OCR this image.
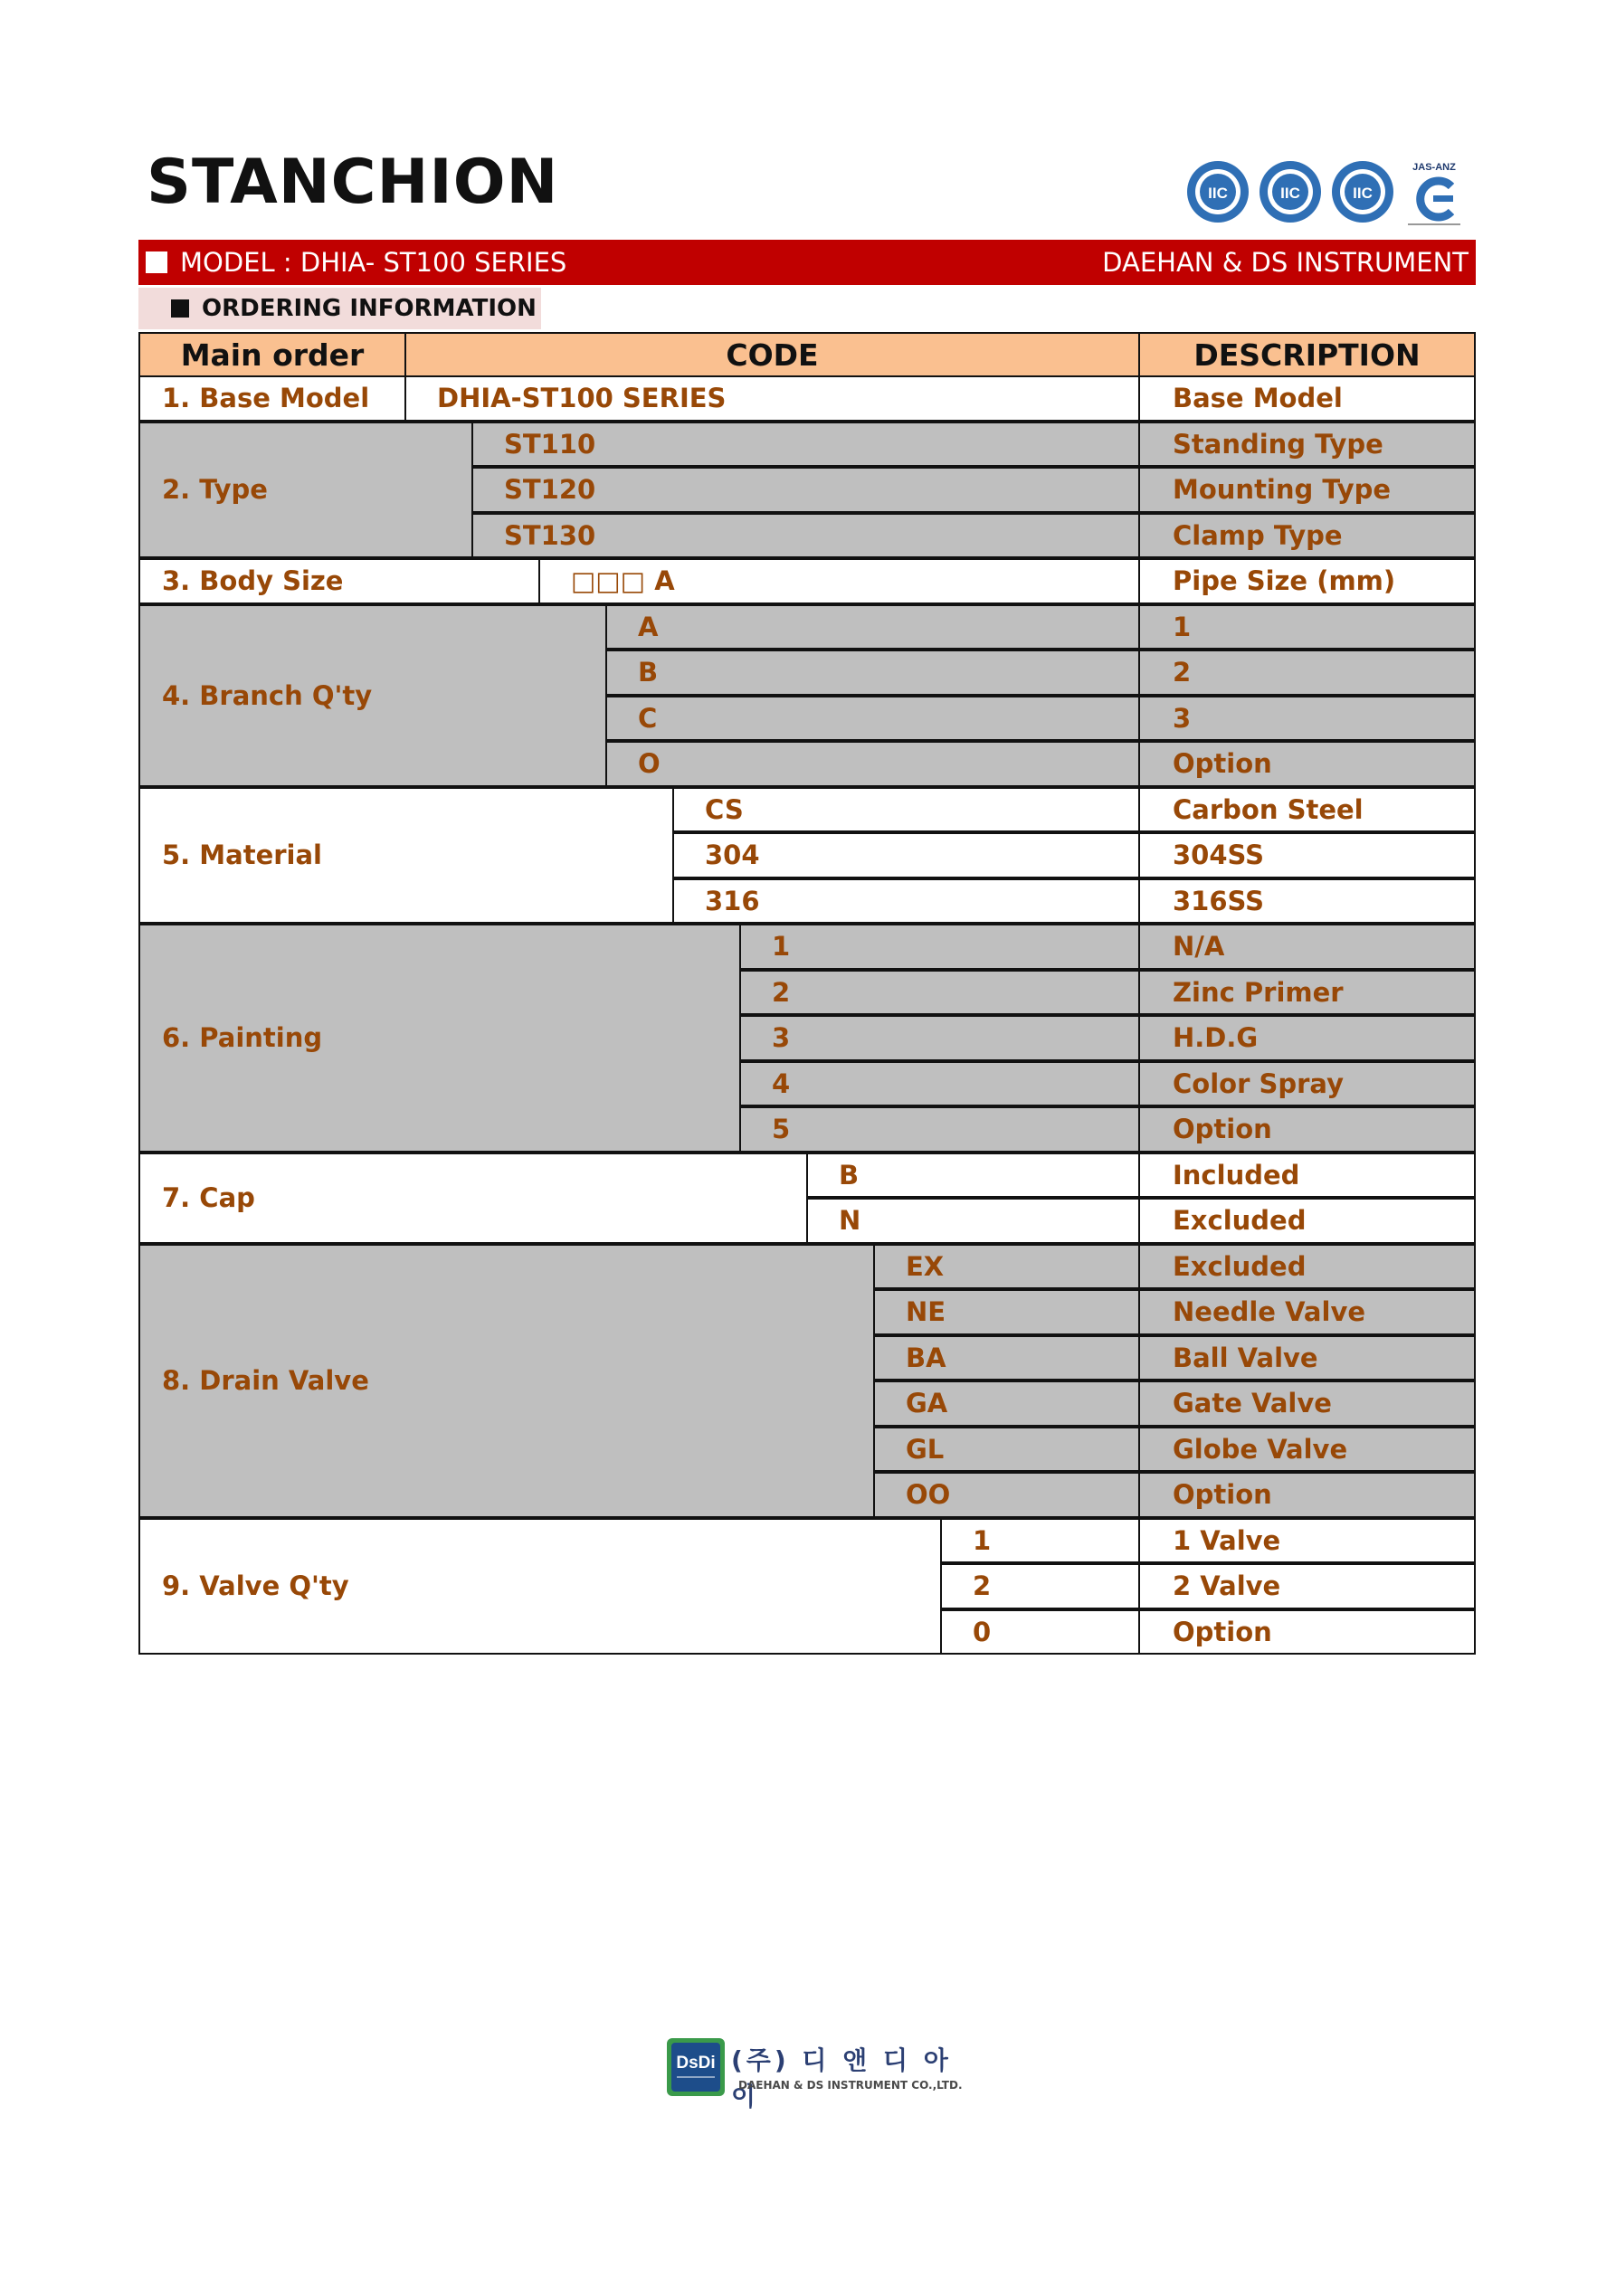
STANCHION	IIC	IIC	IIC
JAS-ANZ
MODEL : DHIA- ST100 SERIES	DAEHAN & DS INSTRUMENT
ORDERING INFORMATION
Main order	CODE	DESCRIPTION
1. Base Model	DHIA-ST100 SERIES	Base Model
2. Type
ST110	Standing Type
ST120	Mounting Type
ST130	Clamp Type
3. Body Size	□□□ A	Pipe Size (mm)
4. Branch Q'ty
A	1
B	2
C	3
O	Option
5. Material
CS	Carbon Steel
304	304SS
316	316SS
6. Painting
1	N/A
2	Zinc Primer
3	H.D.G
4	Color Spray
5	Option
7. Cap
B	Included
N	Excluded
8. Drain Valve
EX	Excluded
NE	Needle Valve
BA	Ball Valve
GA	Gate Valve
GL	Globe Valve
OO	Option
9. Valve Q'ty
1	1 Valve
2	2 Valve
0	Option
DsDi (주) 디 앤 디 아 이
DAEHAN & DS INSTRUMENT CO.,LTD.
